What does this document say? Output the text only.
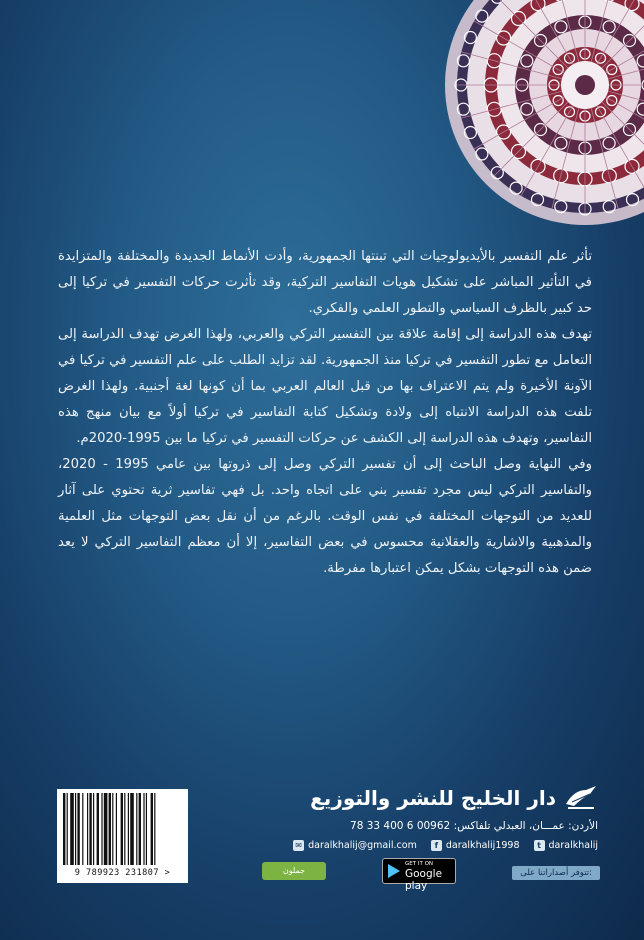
تأثر علم التفسير بالأيديولوجيات التي تبنتها الجمهورية، وأدت الأنماط الجديدة والمختلفة والمتزايدة في التأثير المباشر على تشكيل هويات التفاسير التركية، وقد تأثرت حركات التفسير في تركيا إلى حد كبير بالظرف السياسي والتطور العلمي والفكري.

تهدف هذه الدراسة إلى إقامة علاقة بين التفسير التركي والعربي، ولهذا الغرض تهدف الدراسة إلى التعامل مع تطور التفسير في تركيا منذ الجمهورية. لقد تزايد الطلب على علم التفسير في تركيا في الآونة الأخيرة ولم يتم الاعتراف بها من قبل العالم العربي بما أن كونها لغة أجنبية. ولهذا الغرض تلفت هذه الدراسة الانتباه إلى ولادة وتشكيل كتابة التفاسير في تركيا أولاً مع بيان منهج هذه التفاسير، وتهدف هذه الدراسة إلى الكشف عن حركات التفسير في تركيا ما بين 1995-2020م.

وفي النهاية وصل الباحث إلى أن تفسير التركي وصل إلى ذروتها بين عامي 1995 - 2020، والتفاسير التركي ليس مجرد تفسير بني على اتجاه واحد. بل فهي تفاسير ثرية تحتوي على آثار للعديد من التوجهات المختلفة في نفس الوقت. بالرغم من أن نقل بعض التوجهات مثل العلمية والمذهبية والاشارية والعقلانية محسوس في بعض التفاسير، إلا أن معظم التفاسير التركي لا يعد ضمن هذه التوجهات بشكل يمكن اعتبارها مفرطة.

دار الخليج للنشر والتوزيع
الأردن: عمـــان، العبدلي تلفاكس: 78 33 400 6 00962
t daralkhalij
f daralkhalij1998
✉ daralkhalij@gmail.com
تتوفر أصداراتنا على:
GET IT ON
Google play
جملون
9 789923 231807 >
